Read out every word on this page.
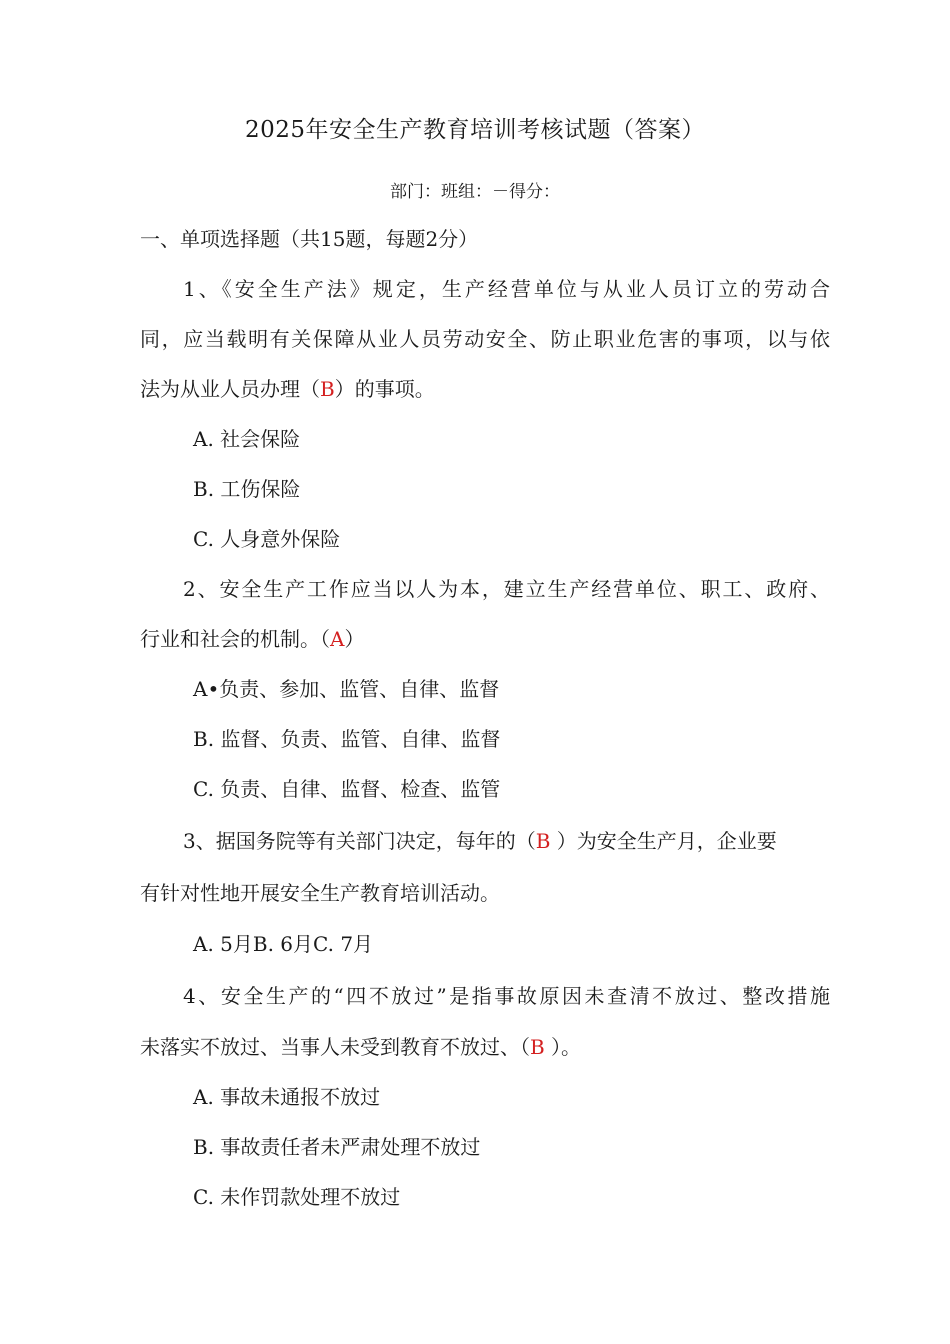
2025年安全生产教育培训考核试题（答案）
部门：班组：－得分：
一、单项选择题（共15题，每题2分）
1、《安全生产法》规定，生产经营单位与从业人员订立的劳动合
同，应当载明有关保障从业人员劳动安全、防止职业危害的事项，以与依
法为从业人员办理（B）的事项。
A. 社会保险
B. 工伤保险
C. 人身意外保险
2、安全生产工作应当以人为本，建立生产经营单位、职工、政府、
行业和社会的机制。（A）
A•负责、参加、监管、自律、监督
B. 监督、负责、监管、自律、监督
C. 负责、自律、监督、检查、监管
3、据国务院等有关部门决定，每年的（B ）为安全生产月，企业要
有针对性地开展安全生产教育培训活动。
A. 5月B. 6月C. 7月
4、安全生产的“四不放过”是指事故原因未查清不放过、整改措施
未落实不放过、当事人未受到教育不放过、（B ）。
A. 事故未通报不放过
B. 事故责任者未严肃处理不放过
C. 未作罚款处理不放过
